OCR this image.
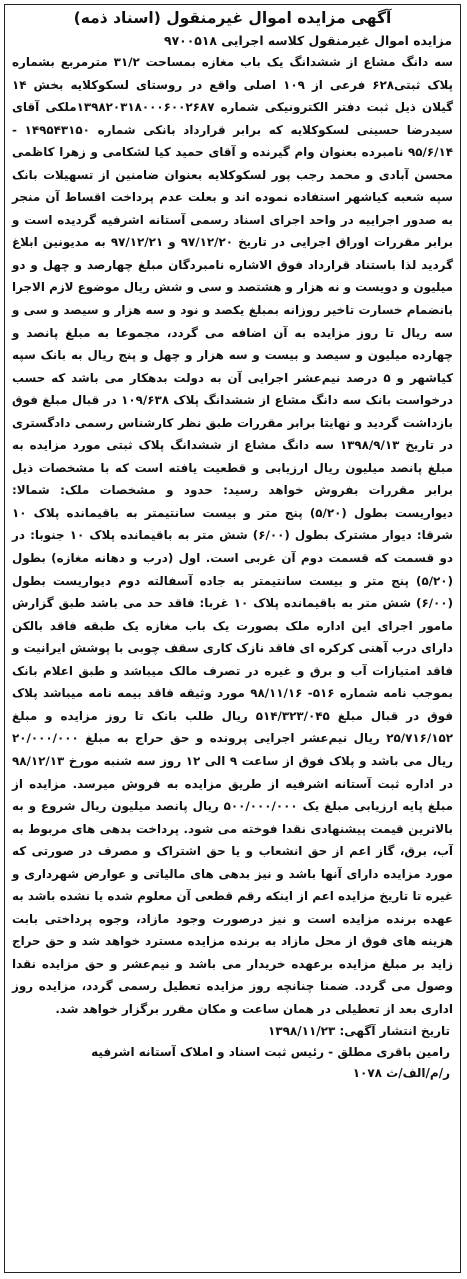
آگهی مزایده اموال غیرمنقول (اسناد ذمه)
مزایده اموال غیرمنقول کلاسه اجرایی ۹۷۰۰۵۱۸
سه دانگ مشاع از ششدانگ یک باب مغازه بمساحت ۳۱/۲ مترمربع بشماره پلاک ثبتی۶۲۸ فرعی از ۱۰۹ اصلی واقع در روستای لسکوکلایه بخش ۱۴ گیلان ذیل ثبت دفتر الکترونیکی شماره ۱۳۹۸۲۰۳۱۸۰۰۰۶۰۰۲۶۸۷ملکی آقای سیدرضا حسینی لسکوکلایه که برابر قرارداد بانکی شماره ۱۴۹۵۴۳۱۵۰ - ۹۵/۶/۱۴ نامبرده بعنوان وام گیرنده و آقای حمید کیا لشکامی و زهرا کاظمی محسن آبادی و محمد رجب پور لسکوکلایه بعنوان ضامنین از تسهیلات بانک سپه شعبه کیاشهر استفاده نموده اند و بعلت عدم پرداخت اقساط آن منجر به صدور اجراییه در واحد اجرای اسناد رسمی آستانه اشرفیه گردیده است و برابر مقررات اوراق اجرایی در تاریخ ۹۷/۱۲/۲۰ و ۹۷/۱۲/۲۱ به مدیونین ابلاغ گردید لذا باستناد قرارداد فوق الاشاره نامبردگان مبلغ چهارصد و چهل و دو میلیون و دویست و نه هزار و هشتصد و سی و شش ریال موضوع لازم الاجرا بانضمام خسارت تاخیر روزانه بمبلغ یکصد و نود و سه هزار و سیصد و سی و سه ریال تا روز مزایده به آن اضافه می گردد، مجموعا به مبلغ پانصد و چهارده میلیون و سیصد و بیست و سه هزار و چهل و پنج ریال به بانک سپه کیاشهر و ۵ درصد نیم‌عشر اجرایی آن به دولت بدهکار می باشد که حسب درخواست بانک سه دانگ مشاع از ششدانگ پلاک ۱۰۹/۶۳۸ در قبال مبلغ فوق بازداشت گردید و نهایتا برابر مقررات طبق نظر کارشناس رسمی دادگستری در تاریخ ۱۳۹۸/۹/۱۳ سه دانگ مشاع از ششدانگ پلاک ثبتی مورد مزایده به مبلغ پانصد میلیون ریال ارزیابی و قطعیت یافته است که با مشخصات ذیل برابر مقررات بفروش خواهد رسید: حدود و مشخصات ملک: شمالا: دیواریست بطول (۵/۲۰) پنج متر و بیست سانتیمتر به باقیمانده پلاک ۱۰ شرقا: دیوار مشترک بطول (۶/۰۰) شش متر به باقیمانده پلاک ۱۰ جنوبا: در دو قسمت که قسمت دوم آن غربی است. اول (درب و دهانه مغازه) بطول (۵/۲۰) پنج متر و بیست سانتیمتر به جاده آسفالته دوم دیواریست بطول (۶/۰۰) شش متر به باقیمانده پلاک ۱۰ غربا: فاقد حد می باشد طبق گزارش مامور اجرای این اداره ملک بصورت یک باب مغازه یک طبقه فاقد بالکن دارای درب آهنی کرکره ای فاقد نازک کاری سقف چوبی با پوشش ایرانیت و فاقد امتیازات آب و برق و غیره در تصرف مالک میباشد و طبق اعلام بانک بموجب نامه شماره ۵۱۶- ۹۸/۱۱/۱۶ مورد وثیقه فاقد بیمه نامه میباشد پلاک فوق در قبال مبلغ ۵۱۴/۳۲۳/۰۴۵ ریال طلب بانک تا روز مزایده و مبلغ ۲۵/۷۱۶/۱۵۲ ریال نیم‌عشر اجرایی پرونده و حق حراج به مبلغ ۲۰/۰۰۰/۰۰۰ ریال می باشد و پلاک فوق از ساعت ۹ الی ۱۲ روز سه شنبه مورخ ۹۸/۱۲/۱۳ در اداره ثبت آستانه اشرفیه از طریق مزایده به فروش میرسد. مزایده از مبلغ پایه ارزیابی مبلغ یک ۵۰۰/۰۰۰/۰۰۰ ریال پانصد میلیون ریال شروع و به بالاترین قیمت پیشنهادی نقدا فوخته می شود. پرداخت بدهی های مربوط به آب، برق، گاز اعم از حق انشعاب و یا حق اشتراک و مصرف در صورتی که مورد مزایده دارای آنها باشد و نیز بدهی های مالیاتی و عوارض شهرداری و غیره تا تاریخ مزایده اعم از اینکه رقم قطعی آن معلوم شده یا نشده باشد به عهده برنده مزایده است و نیز درصورت وجود مازاد، وجوه پرداختی بابت هزینه های فوق از محل مازاد به برنده مزایده مسترد خواهد شد و حق حراج زاید بر مبلغ مزایده برعهده خریدار می باشد و نیم‌عشر و حق مزایده نقدا وصول می گردد. ضمنا چنانچه روز مزایده تعطیل رسمی گردد، مزایده روز اداری بعد از تعطیلی در همان ساعت و مکان مقرر برگزار خواهد شد.
تاریخ انتشار آگهی: ۱۳۹۸/۱۱/۲۳
رامین باقری مطلق - رئیس ثبت اسناد و املاک آستانه اشرفیه
ر/م/الف/ث ۱۰۷۸
